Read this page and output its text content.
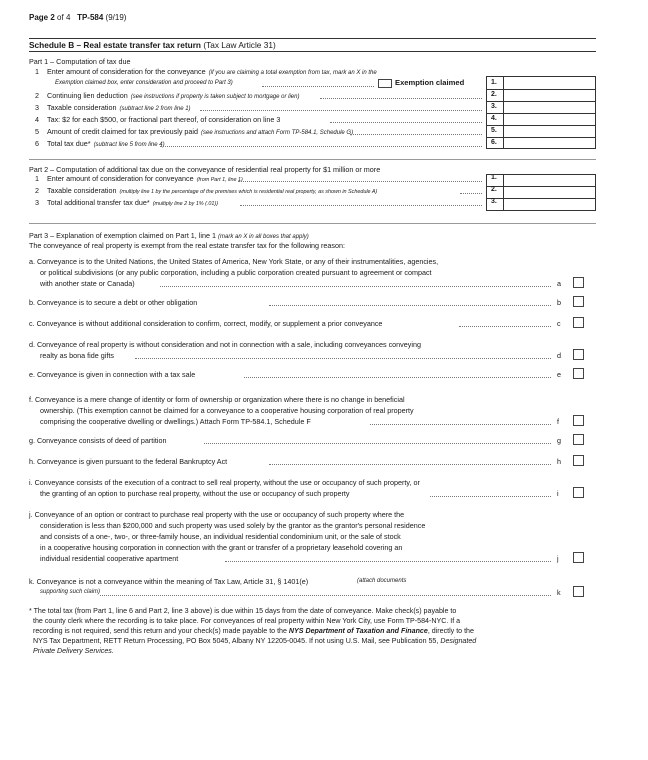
Page 2 of 4 TP-584 (9/19)
Schedule B – Real estate transfer tax return (Tax Law Article 31)
Part 1 – Computation of tax due
1 Enter amount of consideration for the conveyance (if you are claiming a total exemption from tax, mark an X in the
Exemption claimed box, enter consideration and proceed to Part 3)	1.
2 Continuing lien deduction (see instructions if property is taken subject to mortgage or lien)	2.
3 Taxable consideration (subtract line 2 from line 1)	3.
4 Tax: $2 for each $500, or fractional part thereof, of consideration on line 3	4.
5 Amount of credit claimed for tax previously paid (see instructions and attach Form TP-584.1, Schedule G)	5.
6 Total tax due* (subtract line 5 from line 4)	6.
Exemption claimed
Part 2 – Computation of additional tax due on the conveyance of residential real property for $1 million or more
1 Enter amount of consideration for conveyance (from Part 1, line 1)	1.
2 Taxable consideration (multiply line 1 by the percentage of the premises which is residential real property, as shown in Schedule A)	2.
3 Total additional transfer tax due* (multiply line 2 by 1% (.01))	3.
Part 3 – Explanation of exemption claimed on Part 1, line 1 (mark an X in all boxes that apply)
The conveyance of real property is exempt from the real estate transfer tax for the following reason:
a. Conveyance is to the United Nations, the United States of America, New York State, or any of their instrumentalities, agencies,
or political subdivisions (or any public corporation, including a public corporation created pursuant to agreement or compact
with another state or Canada)	a
b. Conveyance is to secure a debt or other obligation	b
c. Conveyance is without additional consideration to confirm, correct, modify, or supplement a prior conveyance	c
d. Conveyance of real property is without consideration and not in connection with a sale, including conveyances conveying
realty as bona fide gifts	d
e. Conveyance is given in connection with a tax sale	e
f. Conveyance is a mere change of identity or form of ownership or organization where there is no change in beneficial
ownership. (This exemption cannot be claimed for a conveyance to a cooperative housing corporation of real property
comprising the cooperative dwelling or dwellings.) Attach Form TP-584.1, Schedule F	f
g. Conveyance consists of deed of partition	g
h. Conveyance is given pursuant to the federal Bankruptcy Act	h
i. Conveyance consists of the execution of a contract to sell real property, without the use or occupancy of such property, or
the granting of an option to purchase real property, without the use or occupancy of such property	i
j. Conveyance of an option or contract to purchase real property with the use or occupancy of such property where the
consideration is less than $200,000 and such property was used solely by the grantor as the grantor's personal residence
and consists of a one-, two-, or three-family house, an individual residential condominium unit, or the sale of stock
in a cooperative housing corporation in connection with the grant or transfer of a proprietary leasehold covering an
individual residential cooperative apartment	j
k. Conveyance is not a conveyance within the meaning of Tax Law, Article 31, § 1401(e)	(attach documents
supporting such claim)	k
* The total tax (from Part 1, line 6 and Part 2, line 3 above) is due within 15 days from the date of conveyance. Make check(s) payable to
the county clerk where the recording is to take place. For conveyances of real property within New York City, use Form TP-584-NYC. If a
recording is not required, send this return and your check(s) made payable to the NYS Department of Taxation and Finance, directly to the
NYS Tax Department, RETT Return Processing, PO Box 5045, Albany NY 12205-0045. If not using U.S. Mail, see Publication 55, Designated
Private Delivery Services.
